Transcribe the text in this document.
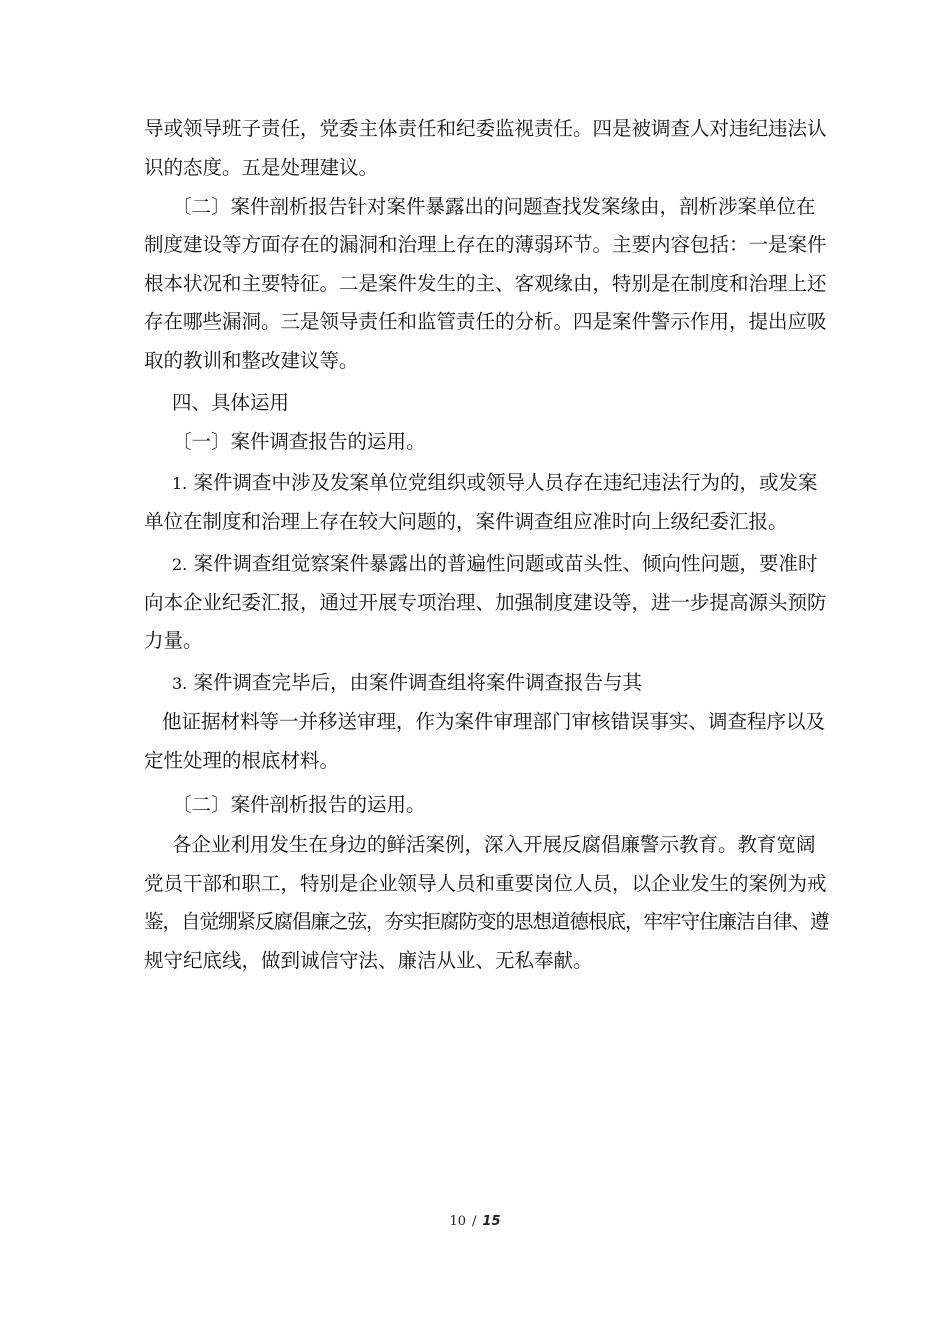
导或领导班子责任，党委主体责任和纪委监视责任。四是被调查人对违纪违法认
识的态度。五是处理建议。
〔二〕案件剖析报告针对案件暴露出的问题查找发案缘由，剖析涉案单位在
制度建设等方面存在的漏洞和治理上存在的薄弱环节。主要内容包括：一是案件
根本状况和主要特征。二是案件发生的主、客观缘由，特别是在制度和治理上还
存在哪些漏洞。三是领导责任和监管责任的分析。四是案件警示作用，提出应吸
取的教训和整改建议等。
四、具体运用
〔一〕案件调查报告的运用。
1. 案件调查中涉及发案单位党组织或领导人员存在违纪违法行为的，或发案
单位在制度和治理上存在较大问题的，案件调查组应准时向上级纪委汇报。
2. 案件调查组觉察案件暴露出的普遍性问题或苗头性、倾向性问题，要准时
向本企业纪委汇报，通过开展专项治理、加强制度建设等，进一步提高源头预防
力量。
3. 案件调查完毕后，由案件调查组将案件调查报告与其
他证据材料等一并移送审理，作为案件审理部门审核错误事实、调查程序以及
定性处理的根底材料。
〔二〕案件剖析报告的运用。
各企业利用发生在身边的鲜活案例，深入开展反腐倡廉警示教育。教育宽阔
党员干部和职工，特别是企业领导人员和重要岗位人员，以企业发生的案例为戒
鉴，自觉绷紧反腐倡廉之弦，夯实拒腐防变的思想道德根底，牢牢守住廉洁自律、遵
规守纪底线，做到诚信守法、廉洁从业、无私奉献。
10 / 15
